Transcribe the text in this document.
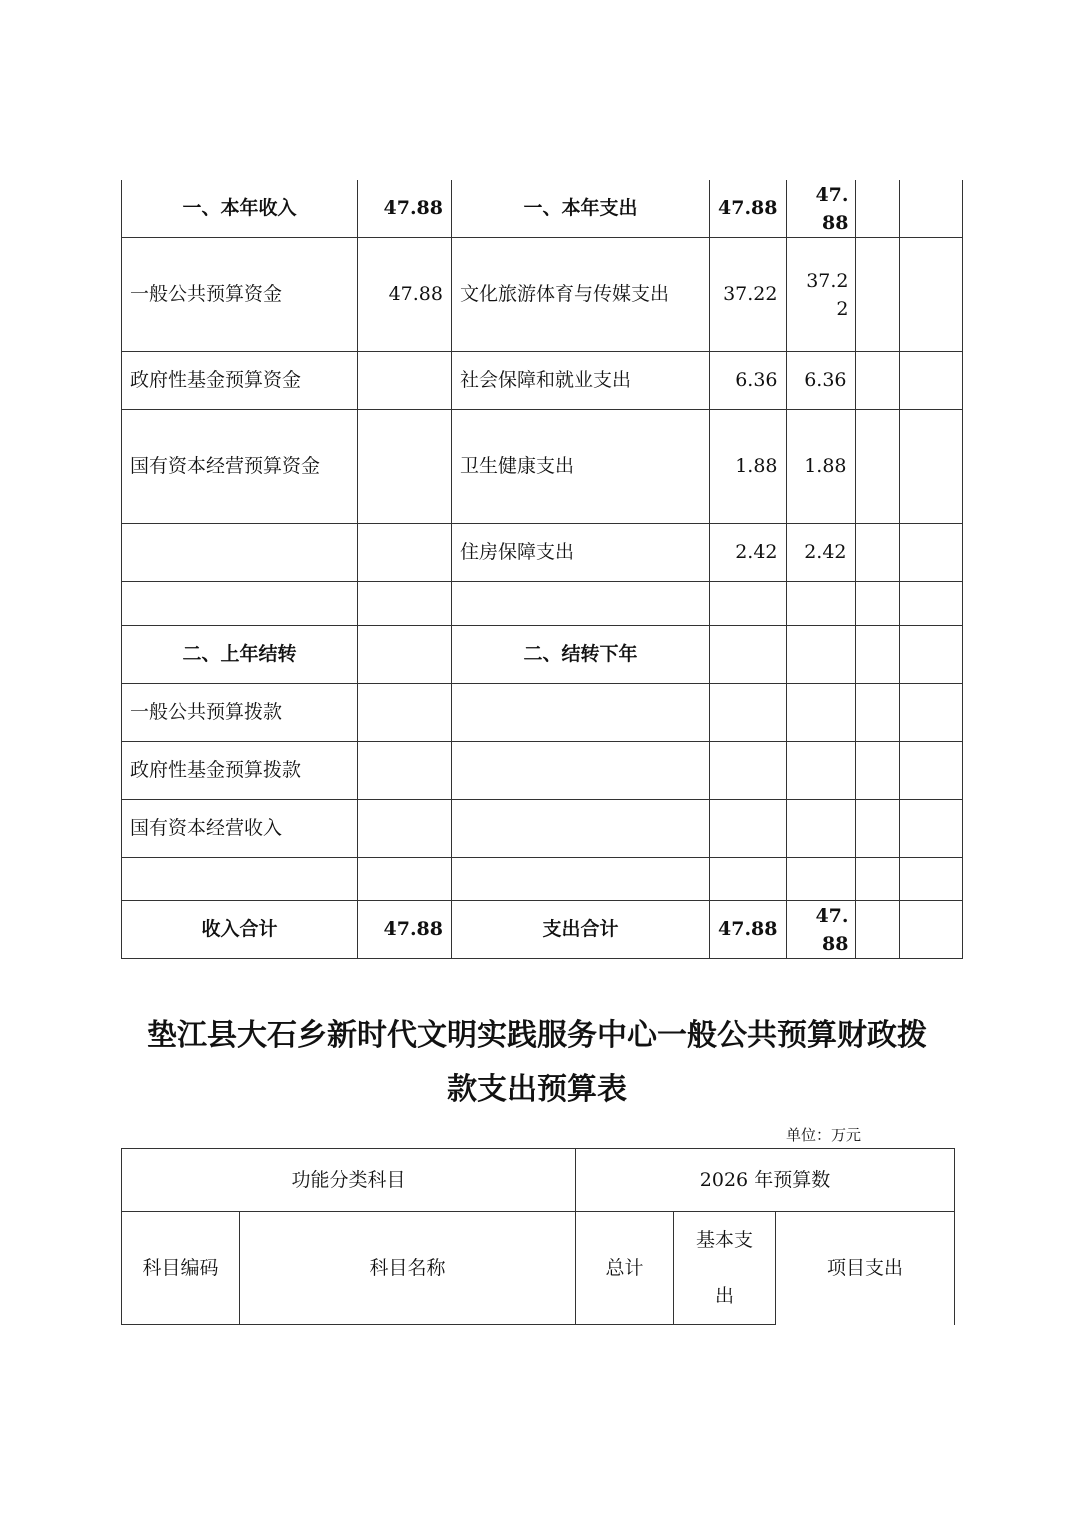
一、本年收入	47.88	一、本年支出	47.88	47.88		
一般公共预算资金	47.88	文化旅游体育与传媒支出	37.22	37.22		
政府性基金预算资金		社会保障和就业支出	6.36	6.36		
国有资本经营预算资金		卫生健康支出	1.88	1.88		
		住房保障支出	2.42	2.42		

二、上年结转		二、结转下年				
一般公共预算拨款						
政府性基金预算拨款						
国有资本经营收入						

收入合计	47.88	支出合计	47.88	47.88		
垫江县大石乡新时代文明实践服务中心一般公共预算财政拨
款支出预算表
单位：万元
功能分类科目		2026 年预算数		
科目编码	科目名称	总计	基本支出	项目支出
